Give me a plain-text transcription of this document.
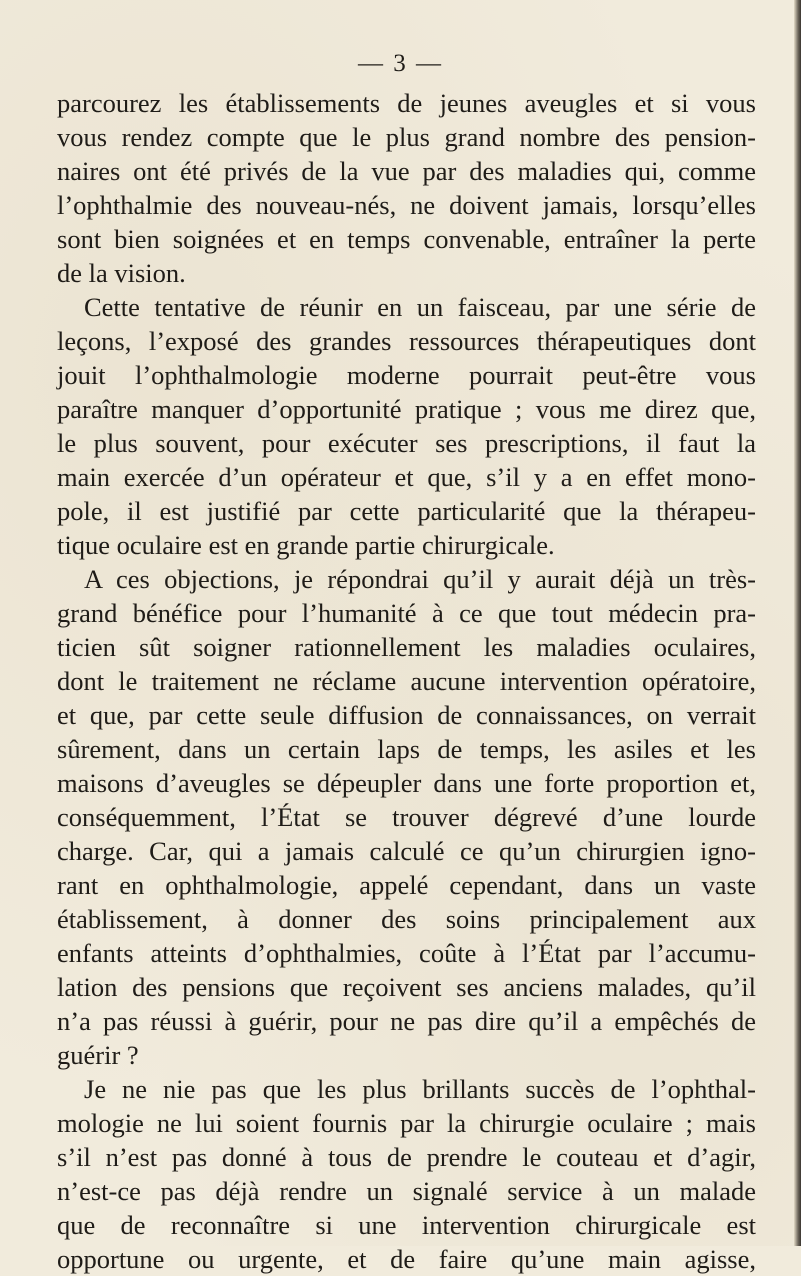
— 3 —
parcourez les établissements de jeunes aveugles et si vous
vous rendez compte que le plus grand nombre des pension-
naires ont été privés de la vue par des maladies qui, comme
l’ophthalmie des nouveau-nés, ne doivent jamais, lorsqu’elles
sont bien soignées et en temps convenable, entraîner la perte
de la vision.
Cette tentative de réunir en un faisceau, par une série de
leçons, l’exposé des grandes ressources thérapeutiques dont
jouit l’ophthalmologie moderne pourrait peut-être vous
paraître manquer d’opportunité pratique ; vous me direz que,
le plus souvent, pour exécuter ses prescriptions, il faut la
main exercée d’un opérateur et que, s’il y a en effet mono-
pole, il est justifié par cette particularité que la thérapeu-
tique oculaire est en grande partie chirurgicale.
A ces objections, je répondrai qu’il y aurait déjà un très-
grand bénéfice pour l’humanité à ce que tout médecin pra-
ticien sût soigner rationnellement les maladies oculaires,
dont le traitement ne réclame aucune intervention opératoire,
et que, par cette seule diffusion de connaissances, on verrait
sûrement, dans un certain laps de temps, les asiles et les
maisons d’aveugles se dépeupler dans une forte proportion et,
conséquemment, l’État se trouver dégrevé d’une lourde
charge. Car, qui a jamais calculé ce qu’un chirurgien igno-
rant en ophthalmologie, appelé cependant, dans un vaste
établissement, à donner des soins principalement aux
enfants atteints d’ophthalmies, coûte à l’État par l’accumu-
lation des pensions que reçoivent ses anciens malades, qu’il
n’a pas réussi à guérir, pour ne pas dire qu’il a empêchés de
guérir ?
Je ne nie pas que les plus brillants succès de l’ophthal-
mologie ne lui soient fournis par la chirurgie oculaire ; mais
s’il n’est pas donné à tous de prendre le couteau et d’agir,
n’est-ce pas déjà rendre un signalé service à un malade
que de reconnaître si une intervention chirurgicale est
opportune ou urgente, et de faire qu’une main agisse,
